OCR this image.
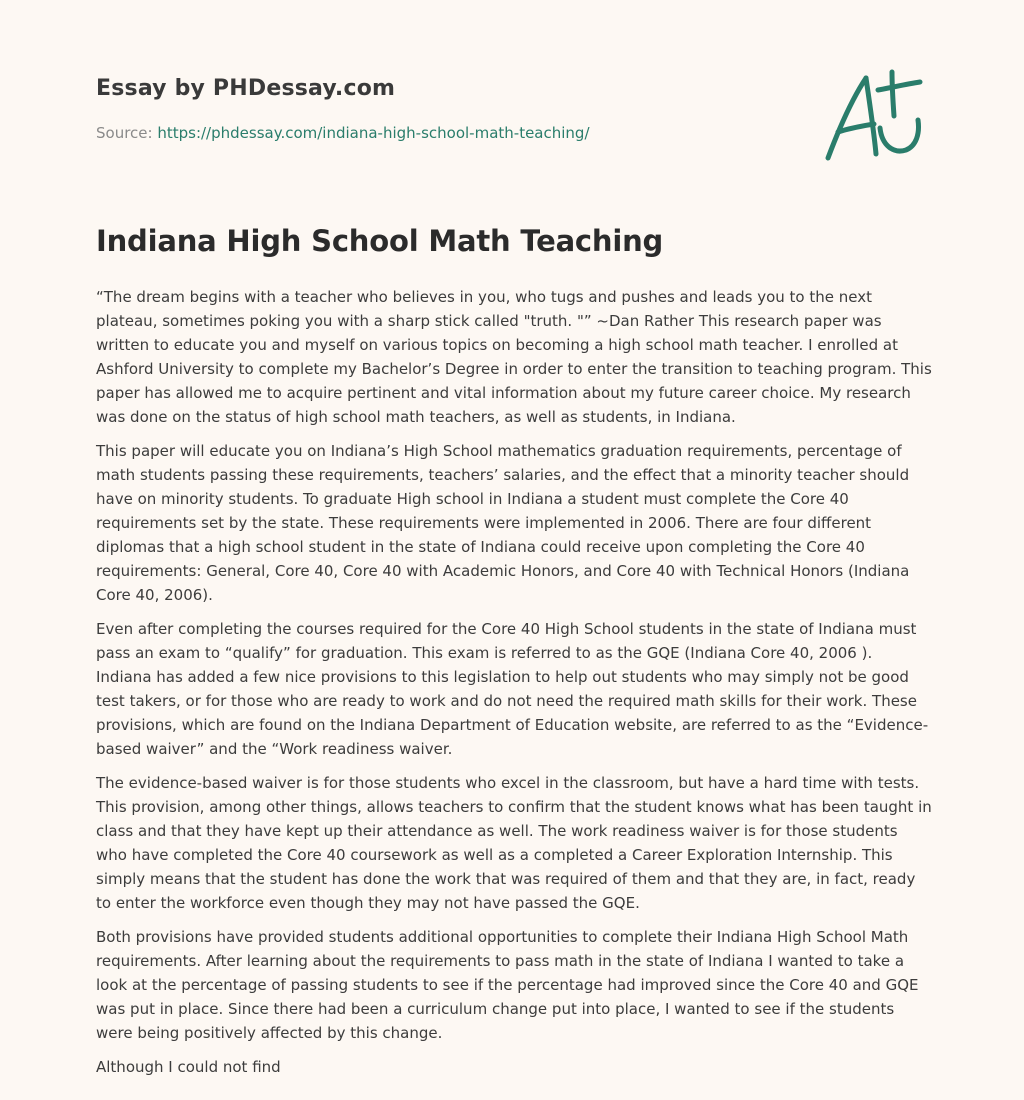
Essay by PHDessay.com

Source: https://phdessay.com/indiana-high-school-math-teaching/

Indiana High School Math Teaching

“The dream begins with a teacher who believes in you, who tugs and pushes and leads you to the next plateau, sometimes poking you with a sharp stick called "truth. "” ~Dan Rather This research paper was written to educate you and myself on various topics on becoming a high school math teacher. I enrolled at Ashford University to complete my Bachelor’s Degree in order to enter the transition to teaching program. This paper has allowed me to acquire pertinent and vital information about my future career choice. My research was done on the status of high school math teachers, as well as students, in Indiana.

This paper will educate you on Indiana’s High School mathematics graduation requirements, percentage of math students passing these requirements, teachers’ salaries, and the effect that a minority teacher should have on minority students. To graduate High school in Indiana a student must complete the Core 40 requirements set by the state. These requirements were implemented in 2006. There are four different diplomas that a high school student in the state of Indiana could receive upon completing the Core 40 requirements: General, Core 40, Core 40 with Academic Honors, and Core 40 with Technical Honors (Indiana Core 40, 2006).

Even after completing the courses required for the Core 40 High School students in the state of Indiana must pass an exam to “qualify” for graduation. This exam is referred to as the GQE (Indiana Core 40, 2006 ). Indiana has added a few nice provisions to this legislation to help out students who may simply not be good test takers, or for those who are ready to work and do not need the required math skills for their work. These provisions, which are found on the Indiana Department of Education website, are referred to as the “Evidence-based waiver” and the “Work readiness waiver.

The evidence-based waiver is for those students who excel in the classroom, but have a hard time with tests. This provision, among other things, allows teachers to confirm that the student knows what has been taught in class and that they have kept up their attendance as well. The work readiness waiver is for those students who have completed the Core 40 coursework as well as a completed a Career Exploration Internship. This simply means that the student has done the work that was required of them and that they are, in fact, ready to enter the workforce even though they may not have passed the GQE.

Both provisions have provided students additional opportunities to complete their Indiana High School Math requirements. After learning about the requirements to pass math in the state of Indiana I wanted to take a look at the percentage of passing students to see if the percentage had improved since the Core 40 and GQE was put in place. Since there had been a curriculum change put into place, I wanted to see if the students were being positively affected by this change.

Although I could not find
